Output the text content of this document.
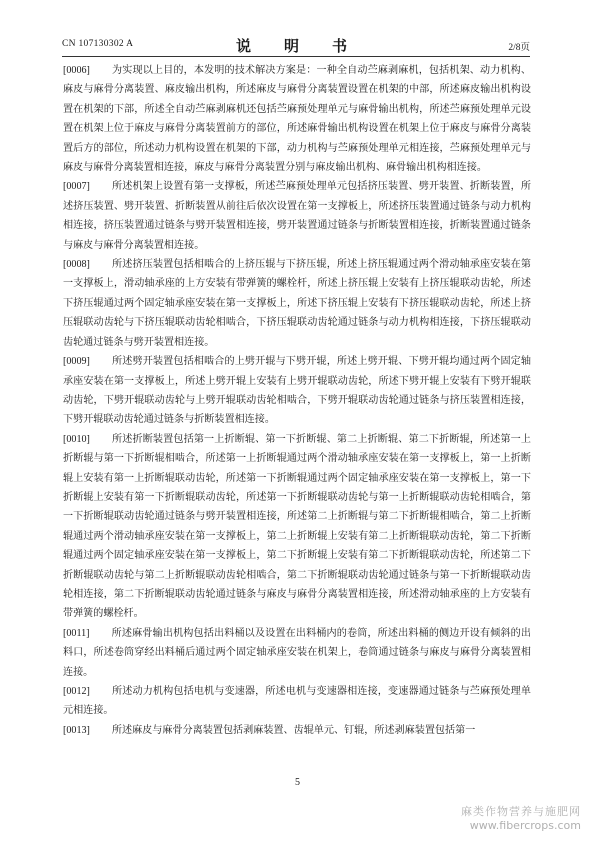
CN 107130302 A	说　明　书	2/8页

[0006] 为实现以上目的，本发明的技术解决方案是：一种全自动苎麻剥麻机，包括机架、动力机构、麻皮与麻骨分离装置、麻皮输出机构，所述麻皮与麻骨分离装置设置在机架的中部，所述麻皮输出机构设置在机架的下部，所述全自动苎麻剥麻机还包括苎麻预处理单元与麻骨输出机构，所述苎麻预处理单元设置在机架上位于麻皮与麻骨分离装置前方的部位，所述麻骨输出机构设置在机架上位于麻皮与麻骨分离装置后方的部位，所述动力机构设置在机架的下部，动力机构与苎麻预处理单元相连接，苎麻预处理单元与麻皮与麻骨分离装置相连接，麻皮与麻骨分离装置分别与麻皮输出机构、麻骨输出机构相连接。

[0007] 所述机架上设置有第一支撑板，所述苎麻预处理单元包括挤压装置、劈开装置、折断装置，所述挤压装置、劈开装置、折断装置从前往后依次设置在第一支撑板上，所述挤压装置通过链条与动力机构相连接，挤压装置通过链条与劈开装置相连接，劈开装置通过链条与折断装置相连接，折断装置通过链条与麻皮与麻骨分离装置相连接。

[0008] 所述挤压装置包括相啮合的上挤压辊与下挤压辊，所述上挤压辊通过两个滑动轴承座安装在第一支撑板上，滑动轴承座的上方安装有带弹簧的螺栓杆，所述上挤压辊上安装有上挤压辊联动齿轮，所述下挤压辊通过两个固定轴承座安装在第一支撑板上，所述下挤压辊上安装有下挤压辊联动齿轮，所述上挤压辊联动齿轮与下挤压辊联动齿轮相啮合，下挤压辊联动齿轮通过链条与动力机构相连接，下挤压辊联动齿轮通过链条与劈开装置相连接。

[0009] 所述劈开装置包括相啮合的上劈开辊与下劈开辊，所述上劈开辊、下劈开辊均通过两个固定轴承座安装在第一支撑板上，所述上劈开辊上安装有上劈开辊联动齿轮，所述下劈开辊上安装有下劈开辊联动齿轮，下劈开辊联动齿轮与上劈开辊联动齿轮相啮合，下劈开辊联动齿轮通过链条与挤压装置相连接，下劈开辊联动齿轮通过链条与折断装置相连接。

[0010] 所述折断装置包括第一上折断辊、第一下折断辊、第二上折断辊、第二下折断辊，所述第一上折断辊与第一下折断辊相啮合，所述第一上折断辊通过两个滑动轴承座安装在第一支撑板上，第一上折断辊上安装有第一上折断辊联动齿轮，所述第一下折断辊通过两个固定轴承座安装在第一支撑板上，第一下折断辊上安装有第一下折断辊联动齿轮，所述第一下折断辊联动齿轮与第一上折断辊联动齿轮相啮合，第一下折断辊联动齿轮通过链条与劈开装置相连接，所述第二上折断辊与第二下折断辊相啮合，第二上折断辊通过两个滑动轴承座安装在第一支撑板上，第二上折断辊上安装有第二上折断辊联动齿轮，第二下折断辊通过两个固定轴承座安装在第一支撑板上，第二下折断辊上安装有第二下折断辊联动齿轮，所述第二下折断辊联动齿轮与第二上折断辊联动齿轮相啮合，第二下折断辊联动齿轮通过链条与第一下折断辊联动齿轮相连接，第二下折断辊联动齿轮通过链条与麻皮与麻骨分离装置相连接，所述滑动轴承座的上方安装有带弹簧的螺栓杆。

[0011] 所述麻骨输出机构包括出料桶以及设置在出料桶内的卷筒，所述出料桶的侧边开设有倾斜的出料口，所述卷筒穿经出料桶后通过两个固定轴承座安装在机架上，卷筒通过链条与麻皮与麻骨分离装置相连接。

[0012] 所述动力机构包括电机与变速器，所述电机与变速器相连接，变速器通过链条与苎麻预处理单元相连接。

[0013] 所述麻皮与麻骨分离装置包括剥麻装置、齿辊单元、钉辊，所述剥麻装置包括第一

5
麻类作物营养与施肥网
www.fibercrops.com
